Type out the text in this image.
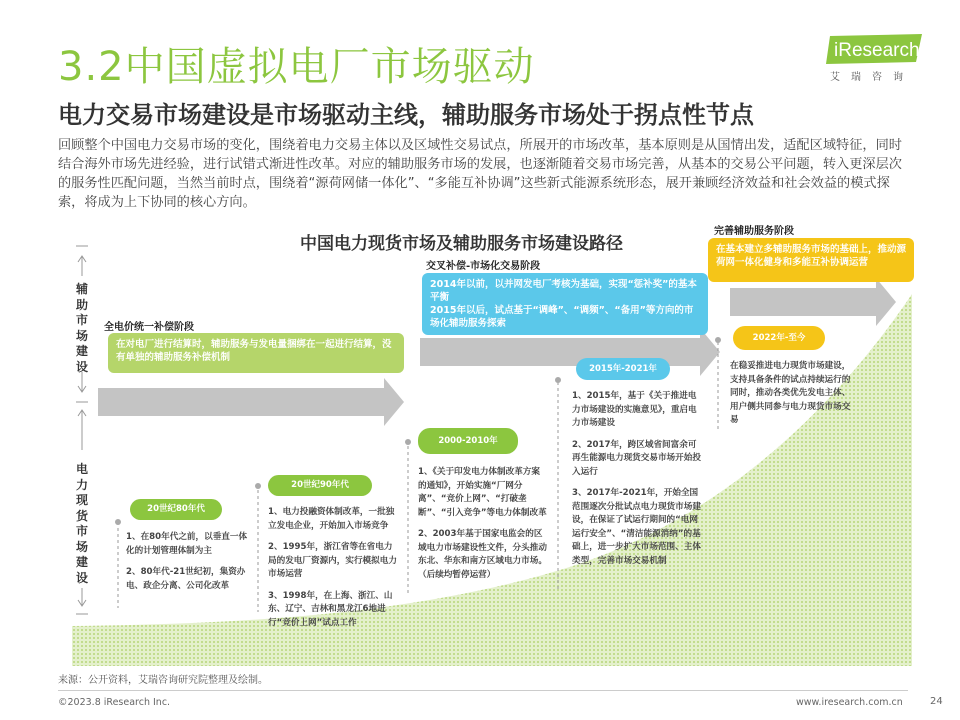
3.2中国虚拟电厂市场驱动
电力交易市场建设是市场驱动主线，辅助服务市场处于拐点性节点
回顾整个中国电力交易市场的变化，围绕着电力交易主体以及区域性交易试点，所展开的市场改革，基本原则是从国情出发，适配区域特征，同时结合海外市场先进经验，进行试错式渐进性改革。对应的辅助服务市场的发展，也逐渐随着交易市场完善，从基本的交易公平问题，转入更深层次的服务性匹配问题，当然当前时点，围绕着“源荷网储一体化”、“多能互补协调”这些新式能源系统形态，展开兼顾经济效益和社会效益的模式探索，将成为上下协同的核心方向。
iResearch
艾瑞咨询
中国电力现货市场及辅助服务市场建设路径
辅助市场建设
电力现货市场建设
全电价统一补偿阶段
在对电厂进行结算时，辅助服务与发电量捆绑在一起进行结算，没有单独的辅助服务补偿机制
交叉补偿-市场化交易阶段
2014年以前，以并网发电厂考核为基础，实现“惩补奖”的基本平衡
2015年以后，试点基于“调峰”、“调频”、“备用”等方向的市场化辅助服务探索
完善辅助服务阶段
在基本建立多辅助服务市场的基础上，推动源荷网一体化健身和多能互补协调运营
20世纪80年代

1、在80年代之前，以垂直一体化的计划管理体制为主

2、80年代-21世纪初，集资办电、政企分离、公司化改革

20世纪90年代

1、电力投融资体制改革，一批独立发电企业，开始加入市场竞争

2、1995年，浙江省等在省电力局的发电厂资源内，实行模拟电力市场运营

3、1998年，在上海、浙江、山东、辽宁、吉林和黑龙江6地进行“竞价上网”试点工作

2000-2010年

1、《关于印发电力体制改革方案的通知》，开始实施“厂网分离”、“竞价上网”、“打破垄断”、“引入竞争”等电力体制改革

2、2003年基于国家电监会的区域电力市场建设性文件，分头推动东北、华东和南方区域电力市场。（后续均暂停运营）

2015年-2021年

1、2015年，基于《关于推进电力市场建设的实施意见》，重启电力市场建设

2、2017年，跨区域省间富余可再生能源电力现货交易市场开始投入运行

3、2017年-2021年，开始全国范围逐次分批试点电力现货市场建设，在保证了试运行期间的“电网运行安全”、“清洁能源消纳”的基础上，进一步扩大市场范围、主体类型，完善市场交易机制

2022年-至今

在稳妥推进电力现货市场建设，支持具备条件的试点持续运行的同时，推动各类优先发电主体、用户侧共同参与电力现货市场交易

来源：公开资料，艾瑞咨询研究院整理及绘制。
©2023.8 iResearch Inc.	www.iresearch.com.cn	24
